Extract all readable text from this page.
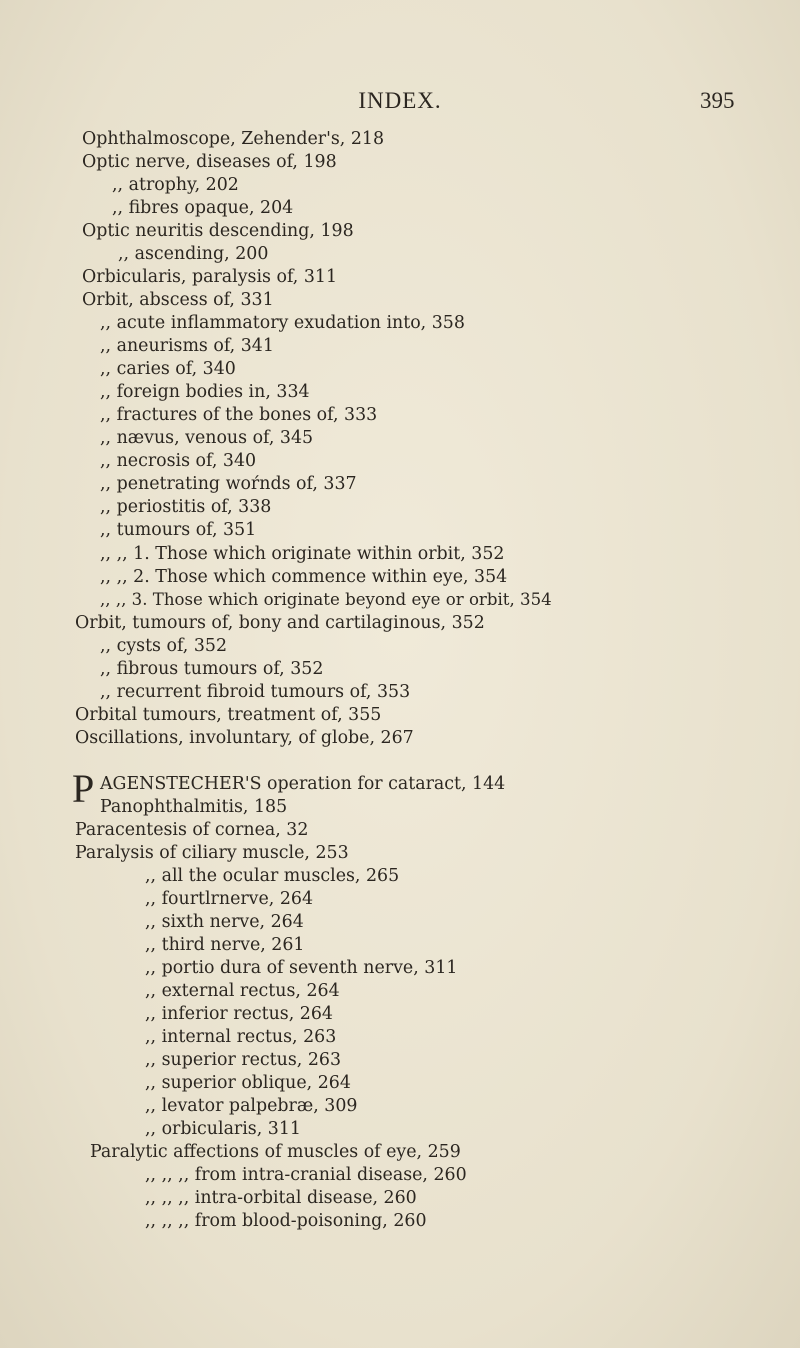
INDEX.	395
Ophthalmoscope, Zehender's, 218
Optic nerve, diseases of, 198
,, atrophy, 202
,, fibres opaque, 204
Optic neuritis descending, 198
,, ascending, 200
Orbicularis, paralysis of, 311
Orbit, abscess of, 331
,, acute inflammatory exudation into, 358
,, aneurisms of, 341
,, caries of, 340
,, foreign bodies in, 334
,, fractures of the bones of, 333
,, nævus, venous of, 345
,, necrosis of, 340
,, penetrating woŕnds of, 337
,, periostitis of, 338
,, tumours of, 351
,, ,, 1. Those which originate within orbit, 352
,, ,, 2. Those which commence within eye, 354
,, ,, 3. Those which originate beyond eye or orbit, 354
Orbit, tumours of, bony and cartilaginous, 352
,, cysts of, 352
,, fibrous tumours of, 352
,, recurrent fibroid tumours of, 353
Orbital tumours, treatment of, 355
Oscillations, involuntary, of globe, 267
P AGENSTECHER'S operation for cataract, 144
Panophthalmitis, 185
Paracentesis of cornea, 32
Paralysis of ciliary muscle, 253
,, all the ocular muscles, 265
,, fourtlrnerve, 264
,, sixth nerve, 264
,, third nerve, 261
,, portio dura of seventh nerve, 311
,, external rectus, 264
,, inferior rectus, 264
,, internal rectus, 263
,, superior rectus, 263
,, superior oblique, 264
,, levator palpebræ, 309
,, orbicularis, 311
Paralytic affections of muscles of eye, 259
,, ,, ,, from intra-cranial disease, 260
,, ,, ,, intra-orbital disease, 260
,, ,, ,, from blood-poisoning, 260
